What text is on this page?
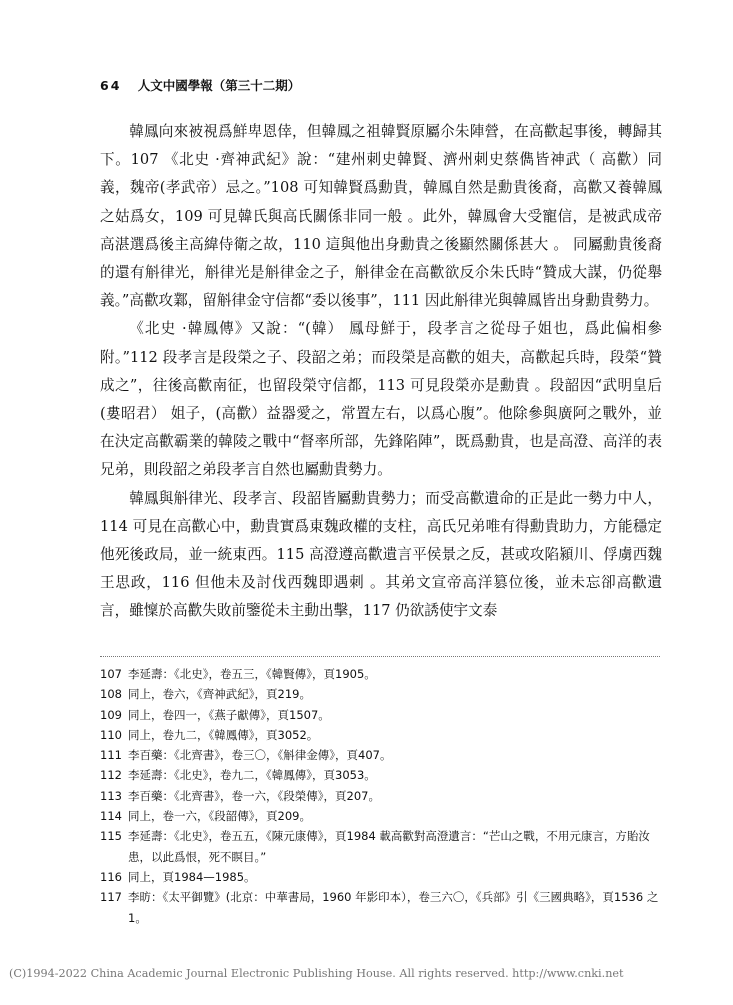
64 人文中國學報（第三十二期）

韓鳳向來被視爲鮮卑恩倖，但韓鳳之祖韓賢原屬尒朱陣營，在高歡起事後，轉歸其下。107 《北史 ·齊神武紀》說：“建州刺史韓賢、濟州刺史蔡儁皆神武（ 高歡）同義，魏帝(孝武帝）忌之。”108 可知韓賢爲勳貴，韓鳳自然是勳貴後裔，高歡又養韓鳳之姑爲女，109 可見韓氏與高氏關係非同一般 。此外，韓鳳會大受寵信，是被武成帝高湛選爲後主高緯侍衛之故，110 這與他出身勳貴之後顯然關係甚大 。 同屬勳貴後裔的還有斛律光，斛律光是斛律金之子，斛律金在高歡欲反尒朱氏時“贊成大謀，仍從舉義。”高歡攻鄴，留斛律金守信都“委以後事”，111 因此斛律光與韓鳳皆出身勳貴勢力。

《北史 ·韓鳳傳》又說：“(韓） 鳳母鮮于，段孝言之從母子姐也，爲此偏相參附。”112 段孝言是段榮之子、段韶之弟；而段榮是高歡的姐夫，高歡起兵時，段榮“贊成之”，往後高歡南征，也留段榮守信都，113 可見段榮亦是勳貴 。段韶因“武明皇后(婁昭君） 姐子，(高歡）益器愛之，常置左右，以爲心腹”。他除參與廣阿之戰外，並在決定高歡霸業的韓陵之戰中“督率所部，先鋒陷陣”，既爲勳貴，也是高澄、高洋的表兄弟，則段韶之弟段孝言自然也屬勳貴勢力。

韓鳳與斛律光、段孝言、段韶皆屬勳貴勢力；而受高歡遺命的正是此一勢力中人，114 可見在高歡心中，勳貴實爲東魏政權的支柱，高氏兄弟唯有得勳貴助力，方能穩定他死後政局，並一統東西。115 高澄遵高歡遺言平侯景之反，甚或攻陷潁川、俘虜西魏王思政，116 但他未及討伐西魏即遇刺 。其弟文宣帝高洋篡位後，並未忘卻高歡遺言，雖懍於高歡失敗前鑒從未主動出擊，117 仍欲誘使宇文泰

107 李延壽：《北史》，卷五三，《韓賢傳》，頁1905。
108 同上，卷六，《齊神武紀》，頁219。
109 同上，卷四一，《燕子獻傳》，頁1507。
110 同上，卷九二，《韓鳳傳》，頁3052。
111 李百藥：《北齊書》，卷三〇，《斛律金傳》，頁407。
112 李延壽：《北史》，卷九二，《韓鳳傳》，頁3053。
113 李百藥：《北齊書》，卷一六，《段榮傳》，頁207。
114 同上，卷一六，《段韶傳》，頁209。
115 李延壽：《北史》，卷五五，《陳元康傳》，頁1984 載高歡對高澄遺言：“芒山之戰，不用元康言，方貽汝患，以此爲恨，死不瞑目。”
116 同上，頁1984—1985。
117 李昉：《太平御覽》(北京：中華書局，1960 年影印本），卷三六〇，《兵部》引《三國典略》，頁1536 之1。
(C)1994-2022 China Academic Journal Electronic Publishing House. All rights reserved. http://www.cnki.net
